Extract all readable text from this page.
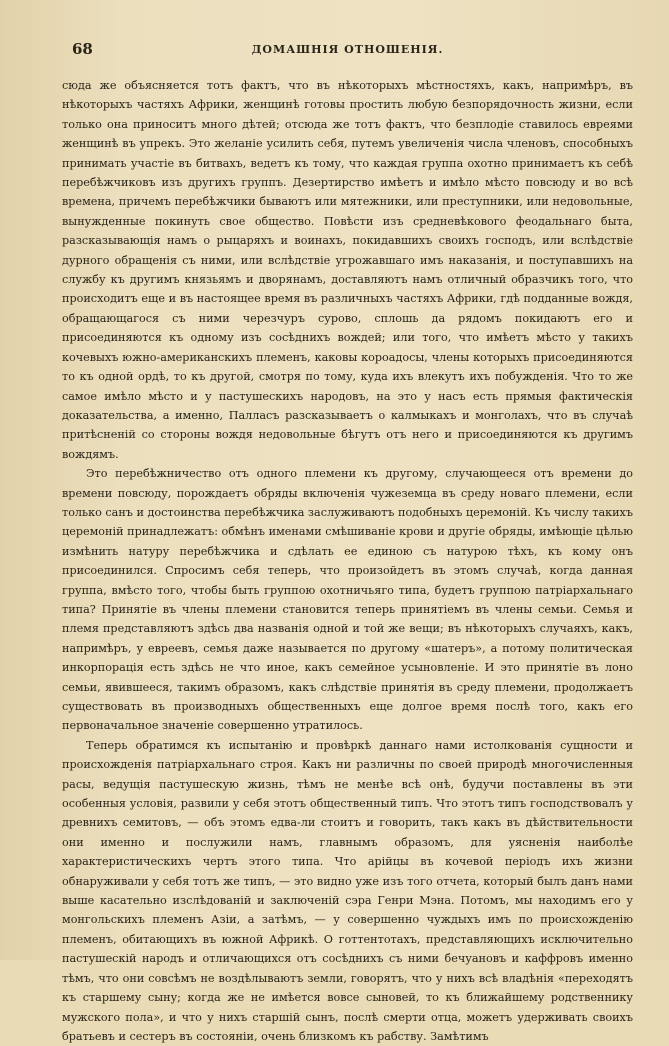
68	ДОМАШНІЯ ОТНОШЕНІЯ.

сюда же объясняется тотъ фактъ, что въ нѣкоторыхъ мѣстностяхъ, какъ, напримѣръ, въ нѣкоторыхъ частяхъ Африки, женщинѣ готовы простить любую безпорядочность жизни, если только она приноситъ много дѣтей; отсюда же тотъ фактъ, что безплодіе ставилось евреями женщинѣ въ упрекъ. Это желаніе усилить себя, путемъ увеличенія числа членовъ, способныхъ принимать участіе въ битвахъ, ведетъ къ тому, что каждая группа охотно принимаетъ къ себѣ перебѣжчиковъ изъ другихъ группъ. Дезертирство имѣетъ и имѣло мѣсто повсюду и во всѣ времена, причемъ перебѣжчики бываютъ или мятежники, или преступники, или недовольные, вынужденные покинуть свое общество. Повѣсти изъ средневѣкового феодальнаго быта, разсказывающія намъ о рыцаряхъ и воинахъ, покидавшихъ своихъ господъ, или вслѣдствіе дурного обращенія съ ними, или вслѣдствіе угрожавшаго имъ наказанія, и поступавшихъ на службу къ другимъ князьямъ и дворянамъ, доставляютъ намъ отличный образчикъ того, что происходитъ еще и въ настоящее время въ различныхъ частяхъ Африки, гдѣ подданные вождя, обращающагося съ ними черезчуръ сурово, сплошь да рядомъ покидаютъ его и присоединяются къ одному изъ сосѣднихъ вождей; или того, что имѣетъ мѣсто у такихъ кочевыхъ южно-американскихъ племенъ, каковы короадосы, члены которыхъ присоединяются то къ одной ордѣ, то къ другой, смотря по тому, куда ихъ влекутъ ихъ побужденія. Что то же самое имѣло мѣсто и у пастушескихъ народовъ, на это у насъ есть прямыя фактическія доказательства, а именно, Палласъ разсказываетъ о калмыкахъ и монголахъ, что въ случаѣ притѣсненій со стороны вождя недовольные бѣгутъ отъ него и присоединяются къ другимъ вождямъ.

Это перебѣжничество отъ одного племени къ другому, случающееся отъ времени до времени повсюду, порождаетъ обряды включенія чужеземца въ среду новаго племени, если только санъ и достоинства перебѣжчика заслуживаютъ подобныхъ церемоній. Къ числу такихъ церемоній принадлежатъ: обмѣнъ именами смѣшиваніе крови и другіе обряды, имѣющіе цѣлью измѣнить натуру перебѣжчика и сдѣлать ее единою съ натурою тѣхъ, къ кому онъ присоединился. Спросимъ себя теперь, что произойдетъ въ этомъ случаѣ, когда данная группа, вмѣсто того, чтобы быть группою охотничьяго типа, будетъ группою патріархальнаго типа? Принятіе въ члены племени становится теперь принятіемъ въ члены семьи. Семья и племя представляютъ здѣсь два названія одной и той же вещи; въ нѣкоторыхъ случаяхъ, какъ, напримѣръ, у евреевъ, семья даже называется по другому «шатеръ», а потому политическая инкорпорація есть здѣсь не что иное, какъ семейное усыновленіе. И это принятіе въ лоно семьи, явившееся, такимъ образомъ, какъ слѣдствіе принятія въ среду племени, продолжаетъ существовать въ производныхъ общественныхъ еще долгое время послѣ того, какъ его первоначальное значеніе совершенно утратилось.

Теперь обратимся къ испытанію и провѣркѣ даннаго нами истолкованія сущности и происхожденія патріархальнаго строя. Какъ ни различны по своей природѣ многочисленныя расы, ведущія пастушескую жизнь, тѣмъ не менѣе всѣ онѣ, будучи поставлены въ эти особенныя условія, развили у себя этотъ общественный типъ. Что этотъ типъ господствовалъ у древнихъ семитовъ, — объ этомъ едва-ли стоитъ и говорить, такъ какъ въ дѣйствительности они именно и послужили намъ, главнымъ образомъ, для уясненія наиболѣе характеристическихъ чертъ этого типа. Что арійцы въ кочевой періодъ ихъ жизни обнаруживали у себя тотъ же типъ, — это видно уже изъ того отчета, который былъ данъ нами выше касательно изслѣдованій и заключеній сэра Генри Мэна. Потомъ, мы находимъ его у монгольскихъ племенъ Азіи, а затѣмъ, — у совершенно чуждыхъ имъ по происхожденію племенъ, обитающихъ въ южной Африкѣ. О готтентотахъ, представляющихъ исключительно пастушескій народъ и отличающихся отъ сосѣднихъ съ ними бечуановъ и каффровъ именно тѣмъ, что они совсѣмъ не воздѣлываютъ земли, говорятъ, что у нихъ всѣ владѣнія «переходятъ къ старшему сыну; когда же не имѣется вовсе сыновей, то къ ближайшему родственнику мужского пола», и что у нихъ старшій сынъ, послѣ смерти отца, можетъ удерживать своихъ братьевъ и сестеръ въ состояніи, очень близкомъ къ рабству. Замѣтимъ
